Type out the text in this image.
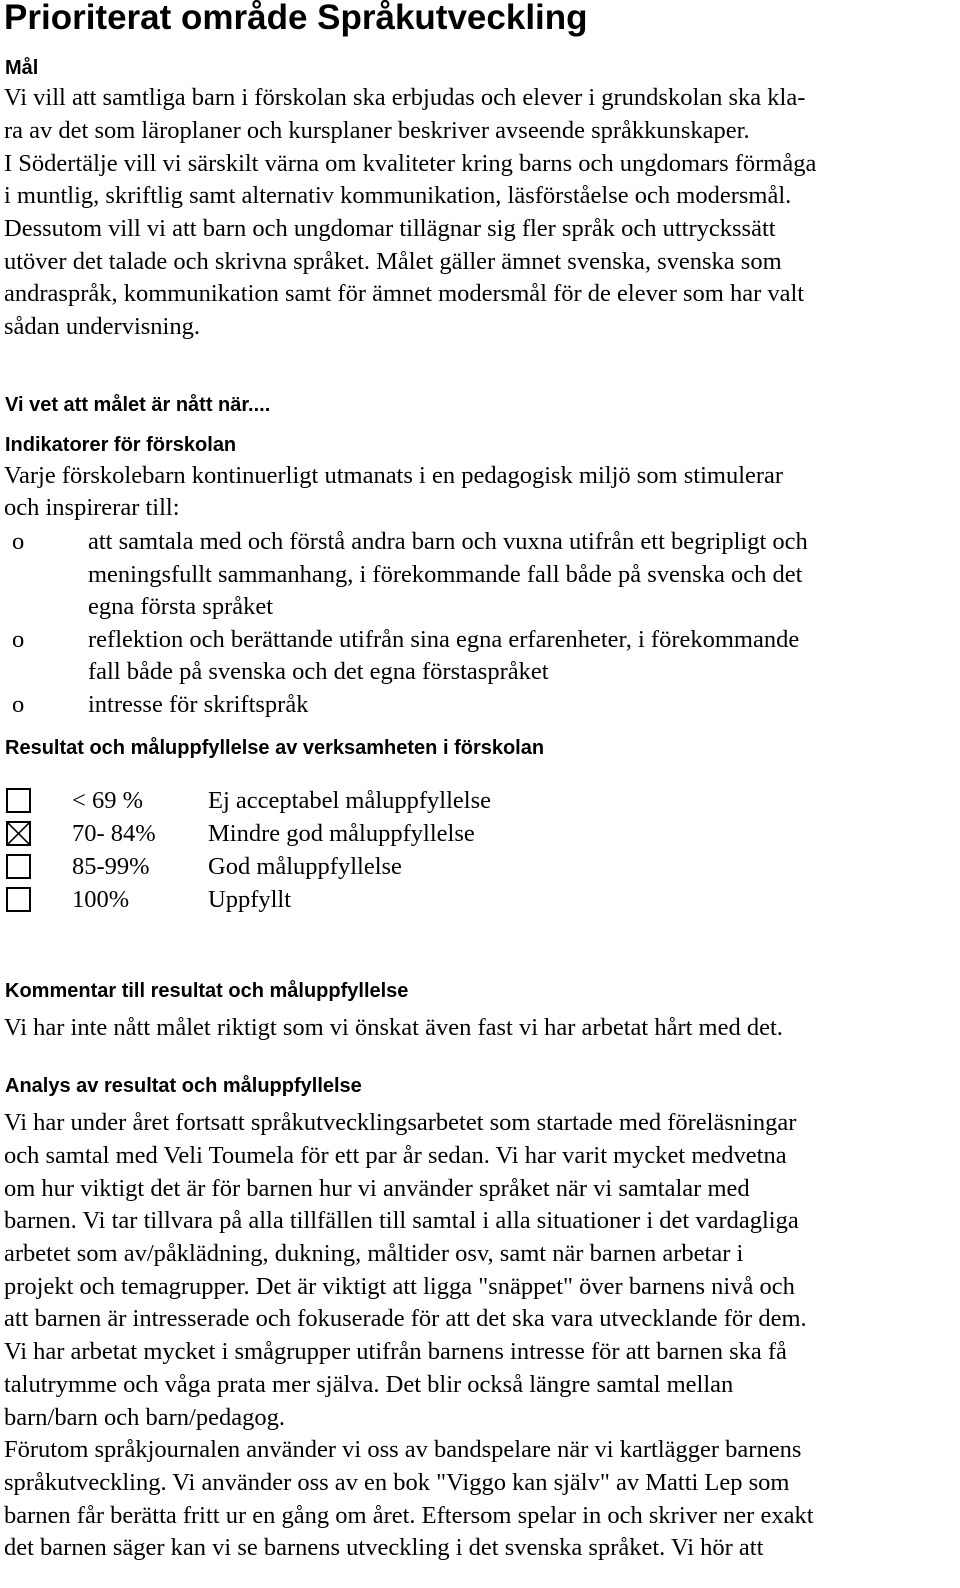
Prioriterat område Språkutveckling
Mål
Vi vill att samtliga barn i förskolan ska erbjudas och elever i grundskolan ska kla-
ra av det som läroplaner och kursplaner beskriver avseende språkkunskaper.
I Södertälje vill vi särskilt värna om kvaliteter kring barns och ungdomars förmåga
i muntlig, skriftlig samt alternativ kommunikation, läsförståelse och modersmål.
Dessutom vill vi att barn och ungdomar tillägnar sig fler språk och uttryckssätt
utöver det talade och skrivna språket. Målet gäller ämnet svenska, svenska som
andraspråk, kommunikation samt för ämnet modersmål för de elever som har valt
sådan undervisning.
Vi vet att målet är nått när....
Indikatorer för förskolan
Varje förskolebarn kontinuerligt utmanats i en pedagogisk miljö som stimulerar
och inspirerar till:
o	att samtala med och förstå andra barn och vuxna utifrån ett begripligt och
meningsfullt sammanhang, i förekommande fall både på svenska och det
egna första språket
o	reflektion och berättande utifrån sina egna erfarenheter, i förekommande
fall både på svenska och det egna förstaspråket
o	intresse för skriftspråk
Resultat och måluppfyllelse av verksamheten i förskolan
< 69 %	Ej acceptabel måluppfyllelse
70- 84% Mindre god måluppfyllelse
85-99% God måluppfyllelse
100%	Uppfyllt
Kommentar till resultat och måluppfyllelse
Vi har inte nått målet riktigt som vi önskat även fast vi har arbetat hårt med det.
Analys av resultat och måluppfyllelse
Vi har under året fortsatt språkutvecklingsarbetet som startade med föreläsningar
och samtal med Veli Toumela för ett par år sedan. Vi har varit mycket medvetna
om hur viktigt det är för barnen hur vi använder språket när vi samtalar med
barnen. Vi tar tillvara på alla tillfällen till samtal i alla situationer i det vardagliga
arbetet som av/påklädning, dukning, måltider osv, samt när barnen arbetar i
projekt och temagrupper. Det är viktigt att ligga "snäppet" över barnens nivå och
att barnen är intresserade och fokuserade för att det ska vara utvecklande för dem.
Vi har arbetat mycket i smågrupper utifrån barnens intresse för att barnen ska få
talutrymme och våga prata mer själva. Det blir också längre samtal mellan
barn/barn och barn/pedagog.
Förutom språkjournalen använder vi oss av bandspelare när vi kartlägger barnens
språkutveckling. Vi använder oss av en bok "Viggo kan själv" av Matti Lep som
barnen får berätta fritt ur en gång om året. Eftersom spelar in och skriver ner exakt
det barnen säger kan vi se barnens utveckling i det svenska språket. Vi hör att
